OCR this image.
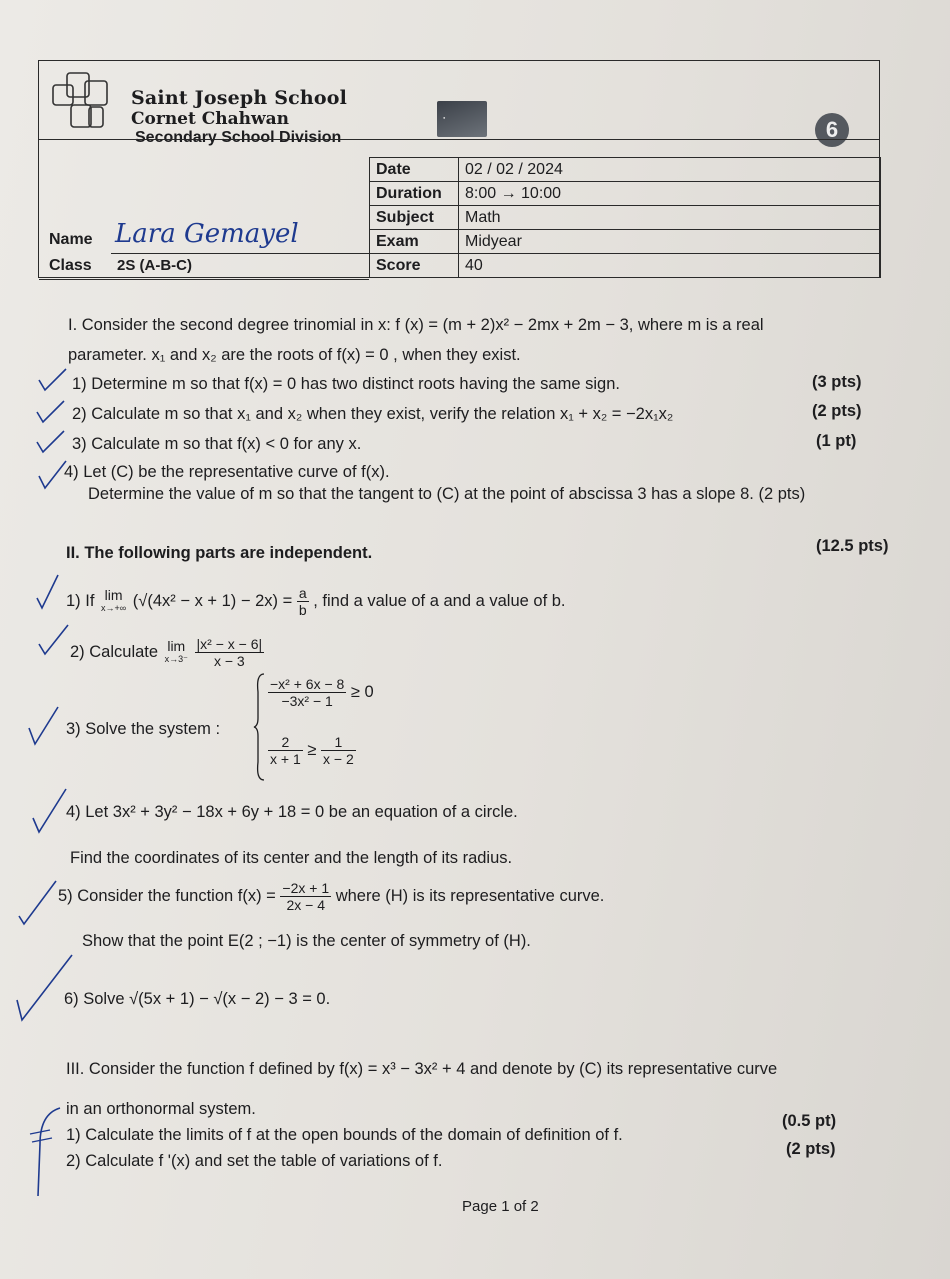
Saint Joseph School
Cornet Chahwan
Secondary School Division
●	6
Date	02 / 02 / 2024
Duration	8:00 → 10:00
Subject	Math
Exam	Midyear
Score	40
Name Lara Gemayel
Class 2S (A-B-C)
I. Consider the second degree trinomial in x: f (x) = (m + 2)x² − 2mx + 2m − 3, where m is a real
parameter. x₁ and x₂ are the roots of f(x) = 0 , when they exist.
1) Determine m so that f(x) = 0 has two distinct roots having the same sign.	(3 pts)
2) Calculate m so that x₁ and x₂ when they exist, verify the relation x₁ + x₂ = −2x₁x₂	(2 pts)
3) Calculate m so that f(x) < 0 for any x.	(1 pt)
4) Let (C) be the representative curve of f(x).
Determine the value of m so that the tangent to (C) at the point of abscissa 3 has a slope 8. (2 pts)
II. The following parts are independent.	(12.5 pts)
1) If lim
x→+∞ $(√(4x^2 - x + 1) - 2x) = \frac{a}{b}$ , find a value of a and a value of b.
2) Calculate lim
x→3⁻
$\frac{\text{|x² − x − 6|}}{x - 3}$
3) Solve the system :
$\frac{\text{−x² + 6x − 8}}{\text{−3x² − 1}} \ge 0$
$\frac{2}{x + 1} \ge \frac{1}{x - 2}$
4) Let 3x² + 3y² − 18x + 6y + 18 = 0 be an equation of a circle.
Find the coordinates of its center and the length of its radius.
5) Consider the function $f(x) = \frac{-2x + 1}{2x - 4}$ where (H) is its representative curve.
Show that the point E(2 ; −1) is the center of symmetry of (H).
6) Solve √(5x + 1) − √(x − 2) − 3 = 0.
III. Consider the function f defined by f(x) = x³ − 3x² + 4 and denote by (C) its representative curve
in an orthonormal system.
1) Calculate the limits of f at the open bounds of the domain of definition of f.
(0.5 pt)
2) Calculate f '(x) and set the table of variations of f.
(2 pts)
Page 1 of 2
